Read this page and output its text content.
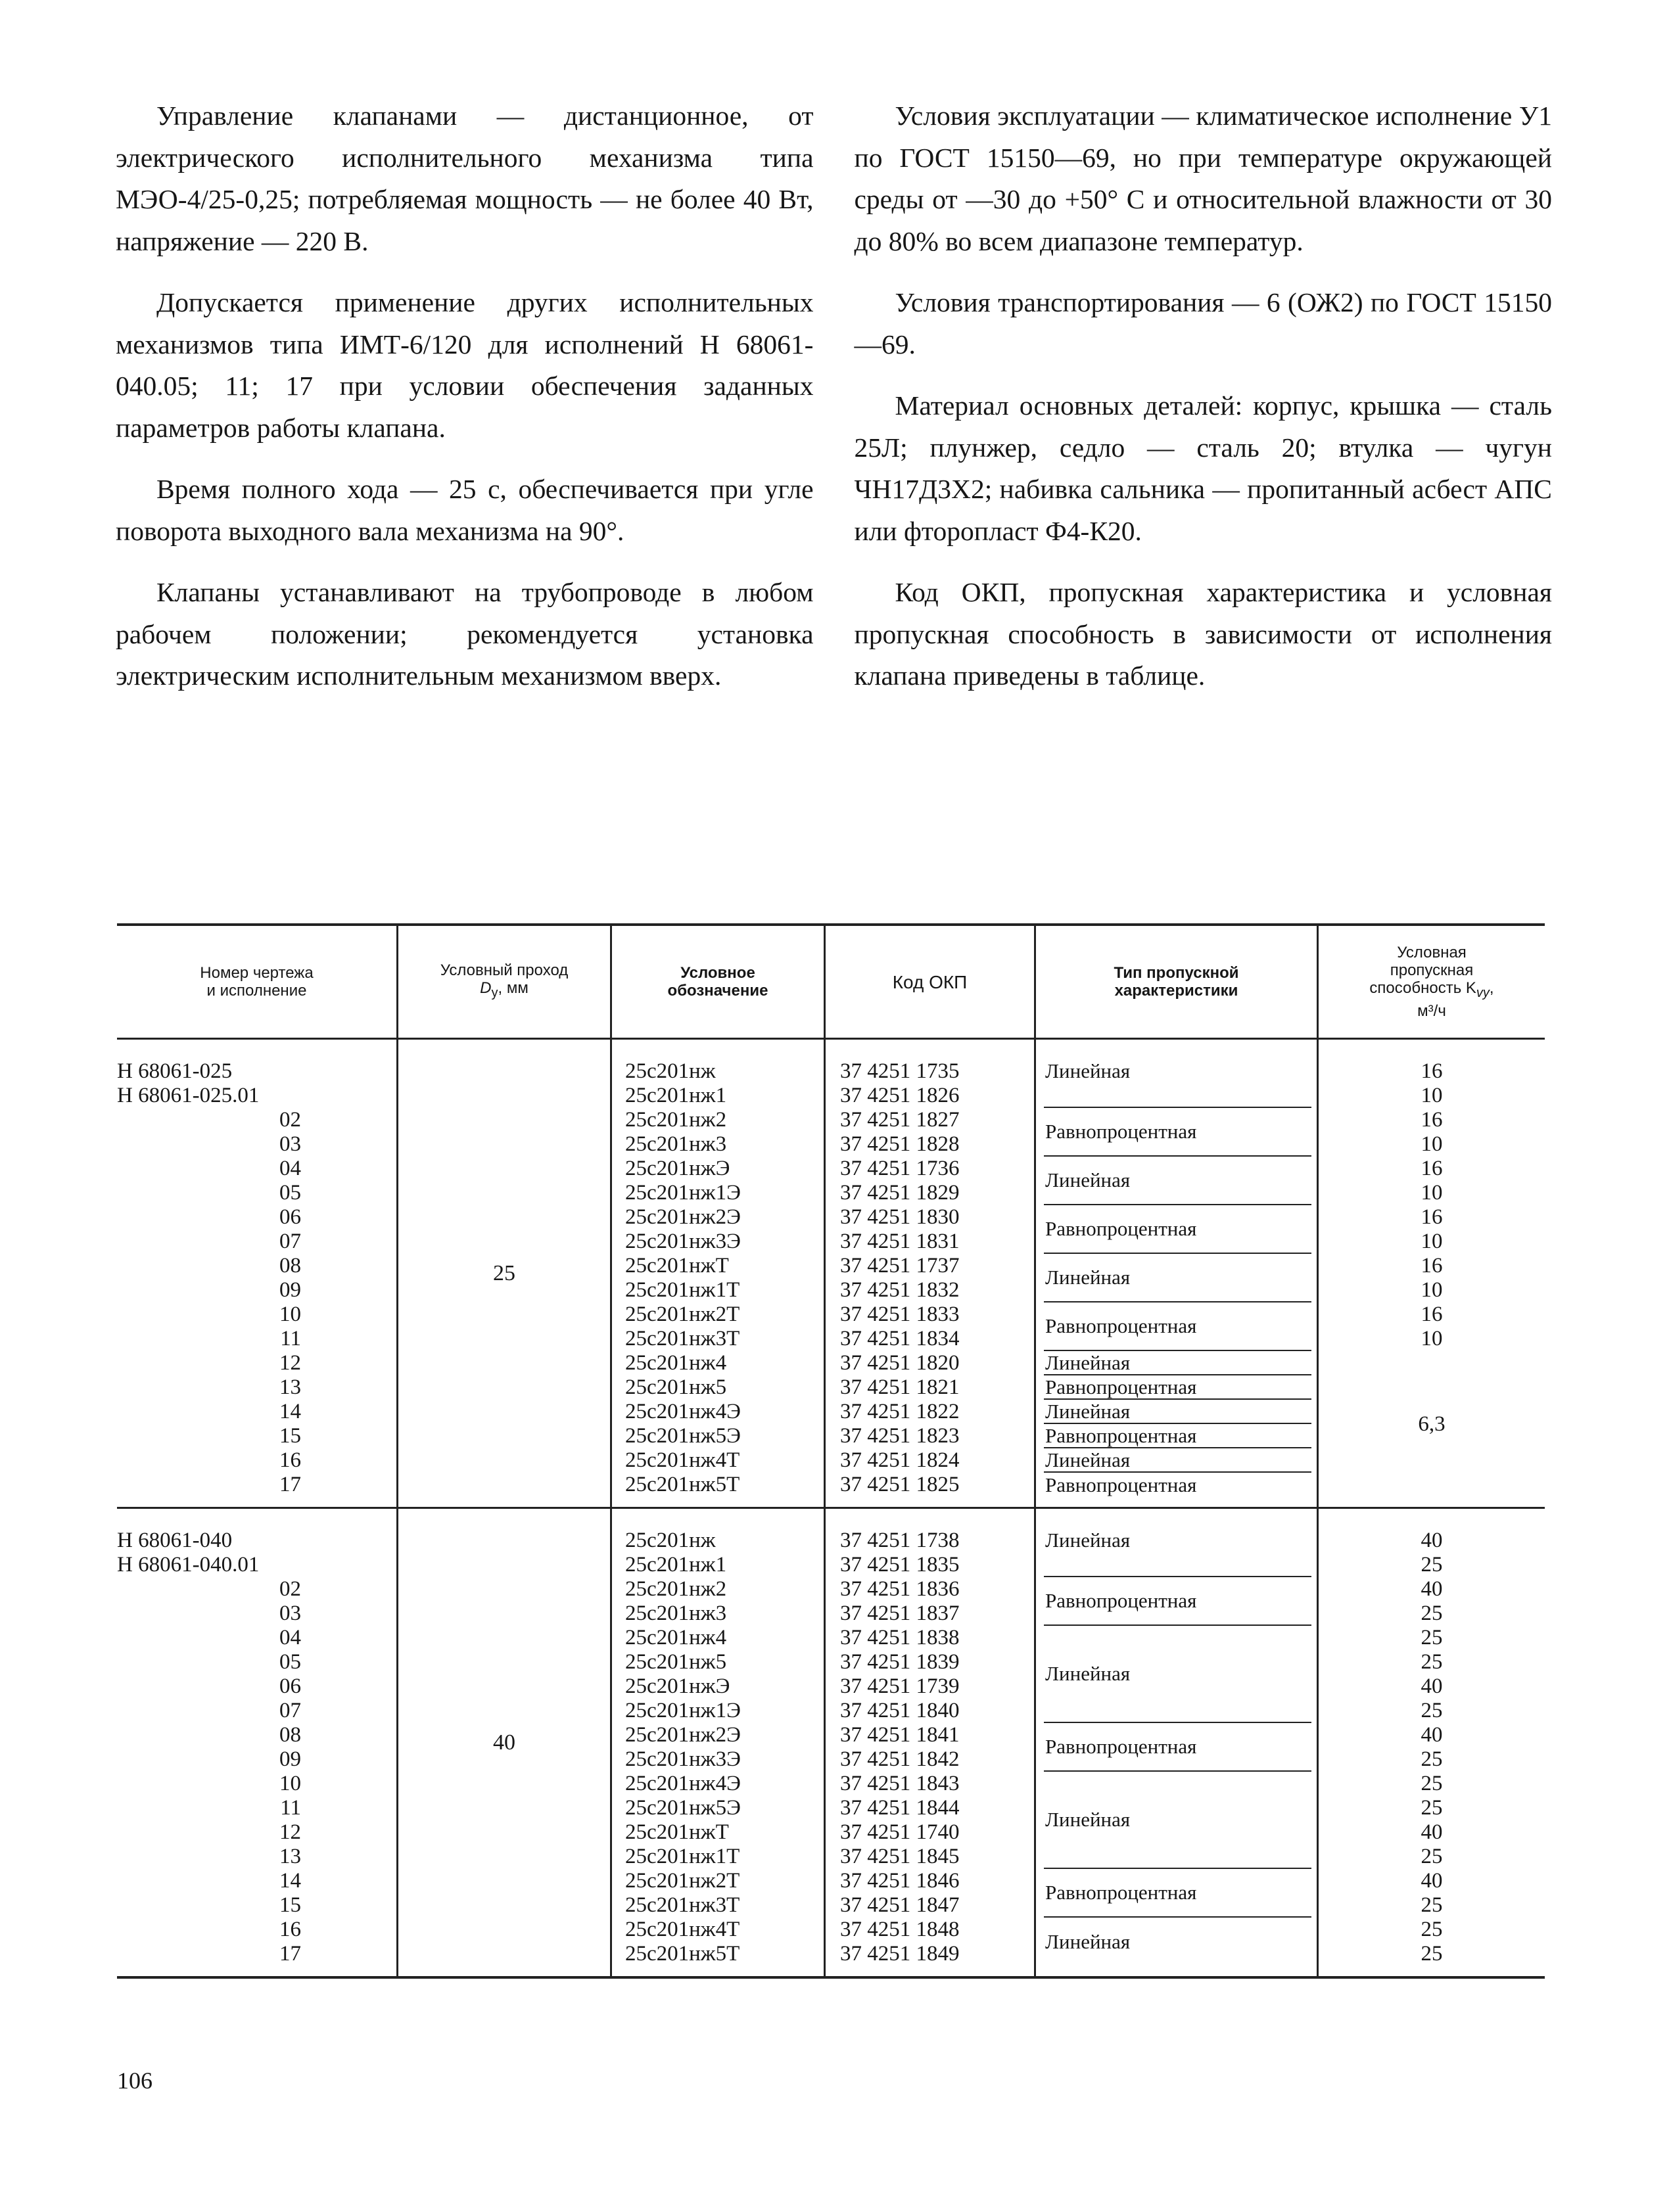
Управление клапанами — дистанционное, от электрического исполнительного механизма типа МЭО-4/25-0,25; потребляемая мощность — не более 40 Вт, напряжение — 220 В.

Допускается применение других исполнительных механизмов типа ИМТ-6/120 для исполнений Н 68061-040.05; 11; 17 при условии обеспечения заданных параметров работы клапана.

Время полного хода — 25 с, обеспечивается при угле поворота выходного вала механизма на 90°.

Клапаны устанавливают на трубопроводе в любом рабочем положении; рекомендуется установка электрическим исполнительным механизмом вверх.

Условия эксплуатации — климатическое исполнение У1 по ГОСТ 15150—69, но при температуре окружающей среды от —30 до +50° С и относительной влажности от 30 до 80% во всем диапазоне температур.

Условия транспортирования — 6 (ОЖ2) по ГОСТ 15150—69.

Материал основных деталей: корпус, крышка — сталь 25Л; плунжер, седло — сталь 20; втулка — чугун ЧН17Д3Х2; набивка сальника — пропитанный асбест АПС или фторопласт Ф4-К20.

Код ОКП, пропускная характеристика и условная пропускная способность в зависимости от исполнения клапана приведены в таблице.

Номер чертежа
и исполнение
Условный проход
$D_у$, мм
Условное
обозначение	Код ОКП	Тип пропускной
характеристики
Условная
пропускная
способность $K_{vy}$,
м³/ч
Н 68061-025
Н 68061-025.01
02
03
04
05
06
07
08
09
10
11
12
13
14
15
16
17
25
25с201нж
25с201нж1
25с201нж2
25с201нж3
25с201нжЭ
25с201нж1Э
25с201нж2Э
25с201нж3Э
25с201нжТ
25с201нж1Т
25с201нж2Т
25с201нж3Т
25с201нж4
25с201нж5
25с201нж4Э
25с201нж5Э
25с201нж4Т
25с201нж5Т
37 4251 1735
37 4251 1826
37 4251 1827
37 4251 1828
37 4251 1736
37 4251 1829
37 4251 1830
37 4251 1831
37 4251 1737
37 4251 1832
37 4251 1833
37 4251 1834
37 4251 1820
37 4251 1821
37 4251 1822
37 4251 1823
37 4251 1824
37 4251 1825
Линейная
Равнопроцентная
Линейная
Равнопроцентная
Линейная
Равнопроцентная
Линейная
Равнопроцентная
Линейная
Равнопроцентная
Линейная
Равнопроцентная
16
10
16
10
16
10
16
10
16
10
16
10
6,3
Н 68061-040
Н 68061-040.01
02
03
04
05
06
07
08
09
10
11
12
13
14
15
16
17
40
25с201нж
25с201нж1
25с201нж2
25с201нж3
25с201нж4
25с201нж5
25с201нжЭ
25с201нж1Э
25с201нж2Э
25с201нж3Э
25с201нж4Э
25с201нж5Э
25с201нжТ
25с201нж1Т
25с201нж2Т
25с201нж3Т
25с201нж4Т
25с201нж5Т
37 4251 1738
37 4251 1835
37 4251 1836
37 4251 1837
37 4251 1838
37 4251 1839
37 4251 1739
37 4251 1840
37 4251 1841
37 4251 1842
37 4251 1843
37 4251 1844
37 4251 1740
37 4251 1845
37 4251 1846
37 4251 1847
37 4251 1848
37 4251 1849
Линейная
Равнопроцентная
Линейная
Равнопроцентная
Линейная
Равнопроцентная
Линейная
40
25
40
25
25
25
40
25
40
25
25
25
40
25
40
25
25
25
106
